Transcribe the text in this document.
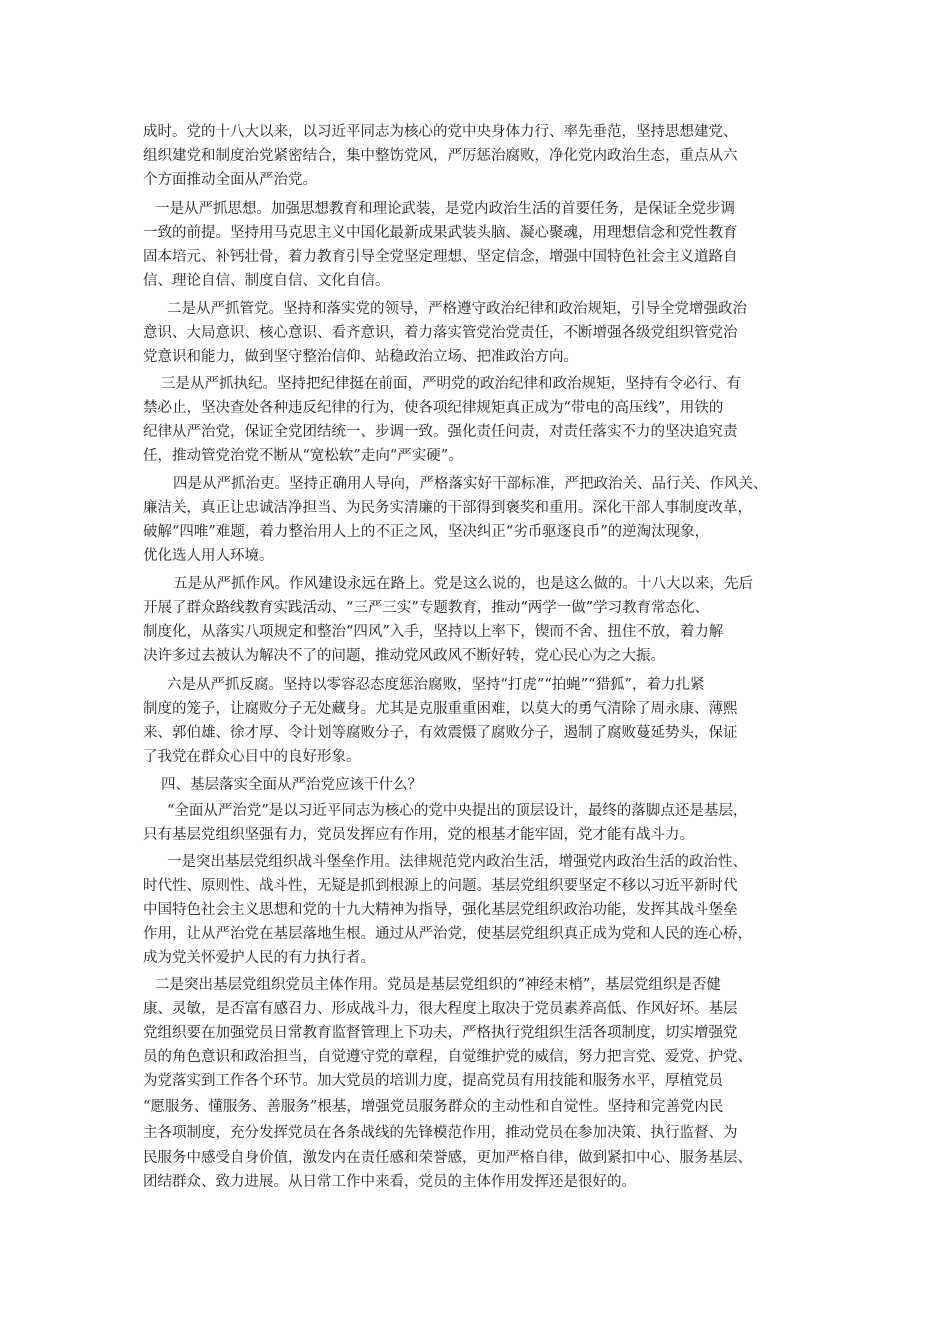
成时。党的十八大以来，以习近平同志为核心的党中央身体力行、率先垂范，坚持思想建党、
组织建党和制度治党紧密结合，集中整饬党风，严厉惩治腐败，净化党内政治生态，重点从六
个方面推动全面从严治党。
一是从严抓思想。加强思想教育和理论武装，是党内政治生活的首要任务，是保证全党步调
一致的前提。坚持用马克思主义中国化最新成果武装头脑、凝心聚魂，用理想信念和党性教育
固本培元、补钙壮骨，着力教育引导全党坚定理想、坚定信念，增强中国特色社会主义道路自
信、理论自信、制度自信、文化自信。
二是从严抓管党。坚持和落实党的领导，严格遵守政治纪律和政治规矩，引导全党增强政治
意识、大局意识、核心意识、看齐意识，着力落实管党治党责任，不断增强各级党组织管党治
党意识和能力，做到坚守整治信仰、站稳政治立场、把准政治方向。
三是从严抓执纪。坚持把纪律挺在前面，严明党的政治纪律和政治规矩，坚持有令必行、有
禁必止，坚决查处各种违反纪律的行为，使各项纪律规矩真正成为“带电的高压线”，用铁的
纪律从严治党，保证全党团结统一、步调一致。强化责任问责，对责任落实不力的坚决追究责
任，推动管党治党不断从“宽松软”走向“严实硬”。
四是从严抓治吏。坚持正确用人导向，严格落实好干部标准，严把政治关、品行关、作风关、
廉洁关，真正让忠诚洁净担当、为民务实清廉的干部得到褒奖和重用。深化干部人事制度改革，
破解“四唯”难题，着力整治用人上的不正之风，坚决纠正“劣币驱逐良币”的逆淘汰现象，
优化选人用人环境。
五是从严抓作风。作风建设永远在路上。党是这么说的，也是这么做的。十八大以来，先后
开展了群众路线教育实践活动、“三严三实”专题教育，推动“两学一做”学习教育常态化、
制度化，从落实八项规定和整治“四风”入手，坚持以上率下，锲而不舍、扭住不放，着力解
决许多过去被认为解决不了的问题，推动党风政风不断好转，党心民心为之大振。
六是从严抓反腐。坚持以零容忍态度惩治腐败，坚持“打虎”“拍蝇”“猎狐”，着力扎紧
制度的笼子，让腐败分子无处藏身。尤其是克服重重困难，以莫大的勇气清除了周永康、薄熙
来、郭伯雄、徐才厚、令计划等腐败分子，有效震慑了腐败分子，遏制了腐败蔓延势头，保证
了我党在群众心目中的良好形象。
四、基层落实全面从严治党应该干什么？
“全面从严治党”是以习近平同志为核心的党中央提出的顶层设计，最终的落脚点还是基层，
只有基层党组织坚强有力，党员发挥应有作用，党的根基才能牢固，党才能有战斗力。
一是突出基层党组织战斗堡垒作用。法律规范党内政治生活，增强党内政治生活的政治性、
时代性、原则性、战斗性，无疑是抓到根源上的问题。基层党组织要坚定不移以习近平新时代
中国特色社会主义思想和党的十九大精神为指导，强化基层党组织政治功能，发挥其战斗堡垒
作用，让从严治党在基层落地生根。通过从严治党，使基层党组织真正成为党和人民的连心桥，
成为党关怀爱护人民的有力执行者。
二是突出基层党组织党员主体作用。党员是基层党组织的“神经末梢”，基层党组织是否健
康、灵敏，是否富有感召力、形成战斗力，很大程度上取决于党员素养高低、作风好坏。基层
党组织要在加强党员日常教育监督管理上下功夫，严格执行党组织生活各项制度，切实增强党
员的角色意识和政治担当，自觉遵守党的章程，自觉维护党的威信，努力把言党、爱党、护党、
为党落实到工作各个环节。加大党员的培训力度，提高党员有用技能和服务水平，厚植党员
“愿服务、懂服务、善服务”根基，增强党员服务群众的主动性和自觉性。坚持和完善党内民
主各项制度，充分发挥党员在各条战线的先锋模范作用，推动党员在参加决策、执行监督、为
民服务中感受自身价值，激发内在责任感和荣誉感，更加严格自律，做到紧扣中心、服务基层、
团结群众、致力进展。从日常工作中来看，党员的主体作用发挥还是很好的。
